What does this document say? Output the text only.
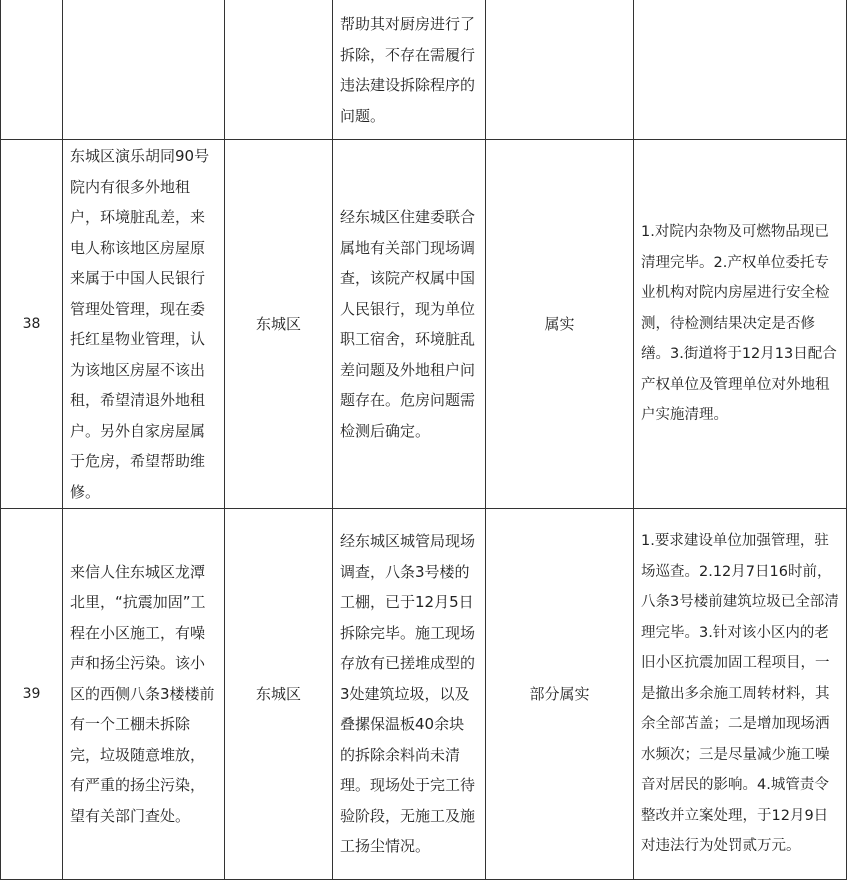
			帮助其对厨房进行了拆除，不存在需履行违法建设拆除程序的问题。		
38	东城区演乐胡同90号院内有很多外地租户，环境脏乱差，来电人称该地区房屋原来属于中国人民银行管理处管理，现在委托红星物业管理，认为该地区房屋不该出租，希望清退外地租户。另外自家房屋属于危房，希望帮助维修。	东城区	经东城区住建委联合属地有关部门现场调查，该院产权属中国人民银行，现为单位职工宿舍，环境脏乱差问题及外地租户问题存在。危房问题需检测后确定。	属实	1.对院内杂物及可燃物品现已清理完毕。2.产权单位委托专业机构对院内房屋进行安全检测，待检测结果决定是否修缮。3.街道将于12月13日配合产权单位及管理单位对外地租户实施清理。
39	来信人住东城区龙潭北里，“抗震加固”工程在小区施工，有噪声和扬尘污染。该小区的西侧八条3楼楼前有一个工棚未拆除完，垃圾随意堆放，有严重的扬尘污染，望有关部门查处。	东城区	经东城区城管局现场调查，八条3号楼的工棚，已于12月5日拆除完毕。施工现场存放有已搓堆成型的3处建筑垃圾，以及叠摞保温板40余块的拆除余料尚未清理。现场处于完工待验阶段，无施工及施工扬尘情况。	部分属实	1.要求建设单位加强管理，驻场巡查。2.12月7日16时前，八条3号楼前建筑垃圾已全部清理完毕。3.针对该小区内的老旧小区抗震加固工程项目，一是撤出多余施工周转材料，其余全部苫盖；二是增加现场洒水频次；三是尽量减少施工噪音对居民的影响。4.城管责令整改并立案处理，于12月9日对违法行为处罚贰万元。
